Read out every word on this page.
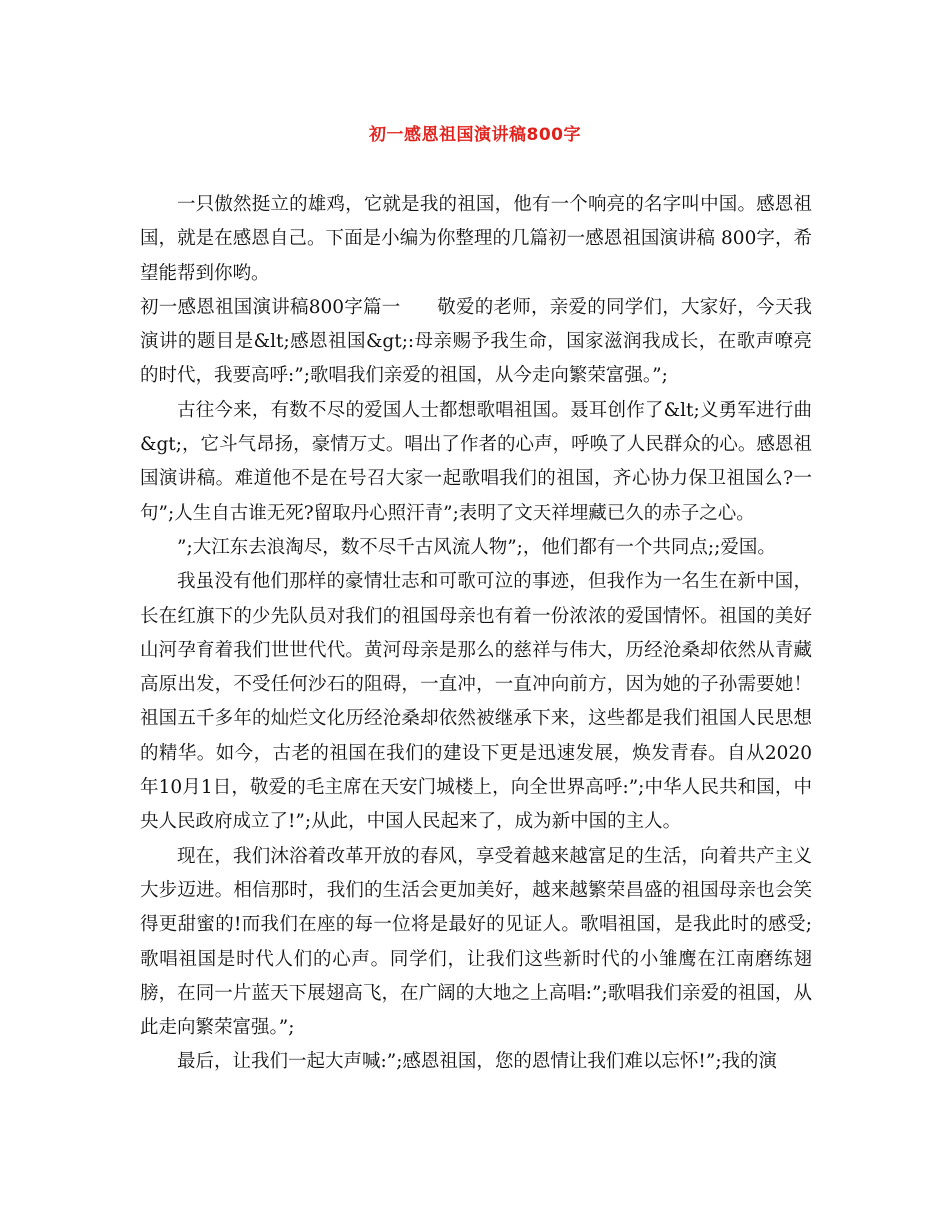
初一感恩祖国演讲稿800字

一只傲然挺立的雄鸡，它就是我的祖国，他有一个响亮的名字叫中国。感恩祖国，就是在感恩自己。下面是小编为你整理的几篇初一感恩祖国演讲稿 800字，希望能帮到你哟。

初一感恩祖国演讲稿800字篇一 敬爱的老师，亲爱的同学们，大家好，今天我演讲的题目是&lt;感恩祖国&gt;:母亲赐予我生命，国家滋润我成长，在歌声嘹亮的时代，我要高呼:”;歌唱我们亲爱的祖国，从今走向繁荣富强。”;

古往今来，有数不尽的爱国人士都想歌唱祖国。聂耳创作了&lt;义勇军进行曲&gt;，它斗气昂扬，豪情万丈。唱出了作者的心声，呼唤了人民群众的心。感恩祖国演讲稿。难道他不是在号召大家一起歌唱我们的祖国，齐心协力保卫祖国么?一句”;人生自古谁无死?留取丹心照汗青”;表明了文天祥埋藏已久的赤子之心。

”;大江东去浪淘尽，数不尽千古风流人物”;，他们都有一个共同点;;爱国。

我虽没有他们那样的豪情壮志和可歌可泣的事迹，但我作为一名生在新中国，长在红旗下的少先队员对我们的祖国母亲也有着一份浓浓的爱国情怀。祖国的美好山河孕育着我们世世代代。黄河母亲是那么的慈祥与伟大，历经沧桑却依然从青藏高原出发，不受任何沙石的阻碍，一直冲，一直冲向前方，因为她的子孙需要她！祖国五千多年的灿烂文化历经沧桑却依然被继承下来，这些都是我们祖国人民思想的精华。如今，古老的祖国在我们的建设下更是迅速发展，焕发青春。自从2020年10月1日，敬爱的毛主席在天安门城楼上，向全世界高呼:”;中华人民共和国，中央人民政府成立了!”;从此，中国人民起来了，成为新中国的主人。

现在，我们沐浴着改革开放的春风，享受着越来越富足的生活，向着共产主义大步迈进。相信那时，我们的生活会更加美好，越来越繁荣昌盛的祖国母亲也会笑得更甜蜜的!而我们在座的每一位将是最好的见证人。歌唱祖国，是我此时的感受;歌唱祖国是时代人们的心声。同学们，让我们这些新时代的小雏鹰在江南磨练翅膀，在同一片蓝天下展翅高飞，在广阔的大地之上高唱:”;歌唱我们亲爱的祖国，从此走向繁荣富强。”;

最后，让我们一起大声喊:”;感恩祖国，您的恩情让我们难以忘怀!”;我的演
